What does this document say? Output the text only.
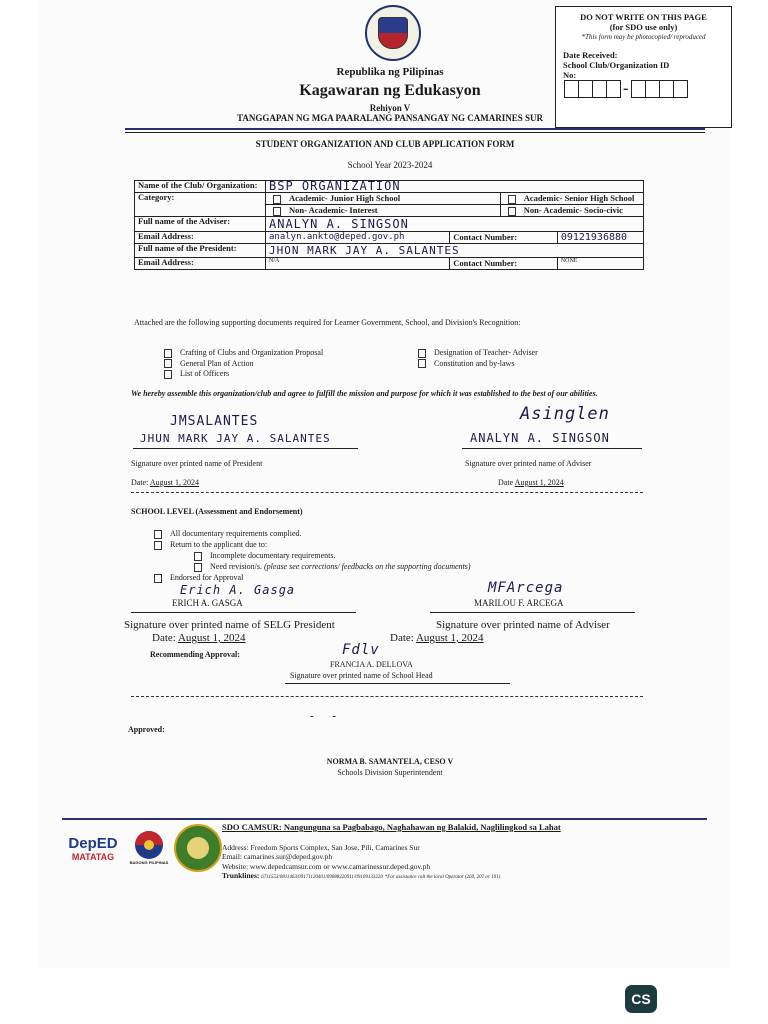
DO NOT WRITE ON THIS PAGE
(for SDO use only)
*This form may be photocopied/ reproduced
Date Received:
School Club/Organization ID
No:
-
Republika ng Pilipinas
Kagawaran ng Edukasyon
Rehiyon V
TANGGAPAN NG MGA PAARALANG PANSANGAY NG CAMARINES SUR
STUDENT ORGANIZATION AND CLUB APPLICATION FORM
School Year 2023-2024
Name of the Club/ Organization:	BSP ORGANIZATION			
Category:	Academic- Junior High School		Academic- Senior High School	
	Non- Academic- Interest		Non- Academic- Socio-civic	
Full name of the Adviser:	ANALYN A. SINGSON			
Email Address:	analyn.ankto@deped.gov.ph	Contact Number:		09121936880
Full name of the President:	JHON MARK JAY A. SALANTES			
Email Address:	N/A	Contact Number:		NONE
Attached are the following supporting documents required for Learner Government, School, and Division's Recognition:
Crafting of Clubs and Organization Proposal
General Plan of Action
List of Officers
Designation of Teacher- Adviser
Constitution and by-laws
We hereby assemble this organization/club and agree to fulfill the mission and purpose for which it was established to the best of our abilities.
JMSALANTES
JHUN MARK JAY A. SALANTES
Signature over printed name of President
Asinglen
ANALYN A. SINGSON
Signature over printed name of Adviser
Date: August 1, 2024	Date August 1, 2024
SCHOOL LEVEL (Assessment and Endorsement)
All documentary requirements complied.
Return to the applicant due to:
Incomplete documentary requirements.
Need revision/s. (please see corrections/ feedbacks on the supporting documents)
Endorsed for Approval
Erich A. Gasga
ERICH A. GASGA
MFArcega
MARILOU F. ARCEGA
Signature over printed name of SELG President	Signature over printed name of Adviser
Date: August 1, 2024	Date: August 1, 2024
Recommending Approval:	Fdlv
FRANCIA A. DELLOVA
Signature over printed name of School Head
- -
Approved:
NORMA B. SAMANTELA, CESO V
Schools Division Superintendent
DepED
MATATAG
BAGONG PILIPINAS
SDO CAMSUR: Nangunguna sa Pagbabago, Naghahawan ng Balakid, Naglilingkod sa Lahat
Address: Freedom Sports Complex, San Jose, Pili, Camarines Sur
Email: camarines.sur@deped.gov.ph
Website: www.depedcamsur.com or www.camarinessur.deped.gov.ph
Trunklines: 6711553/0811463/09171120401/09088220911/09109133220 *For assistance call the local Operator (260, 207 or 101)
CS
